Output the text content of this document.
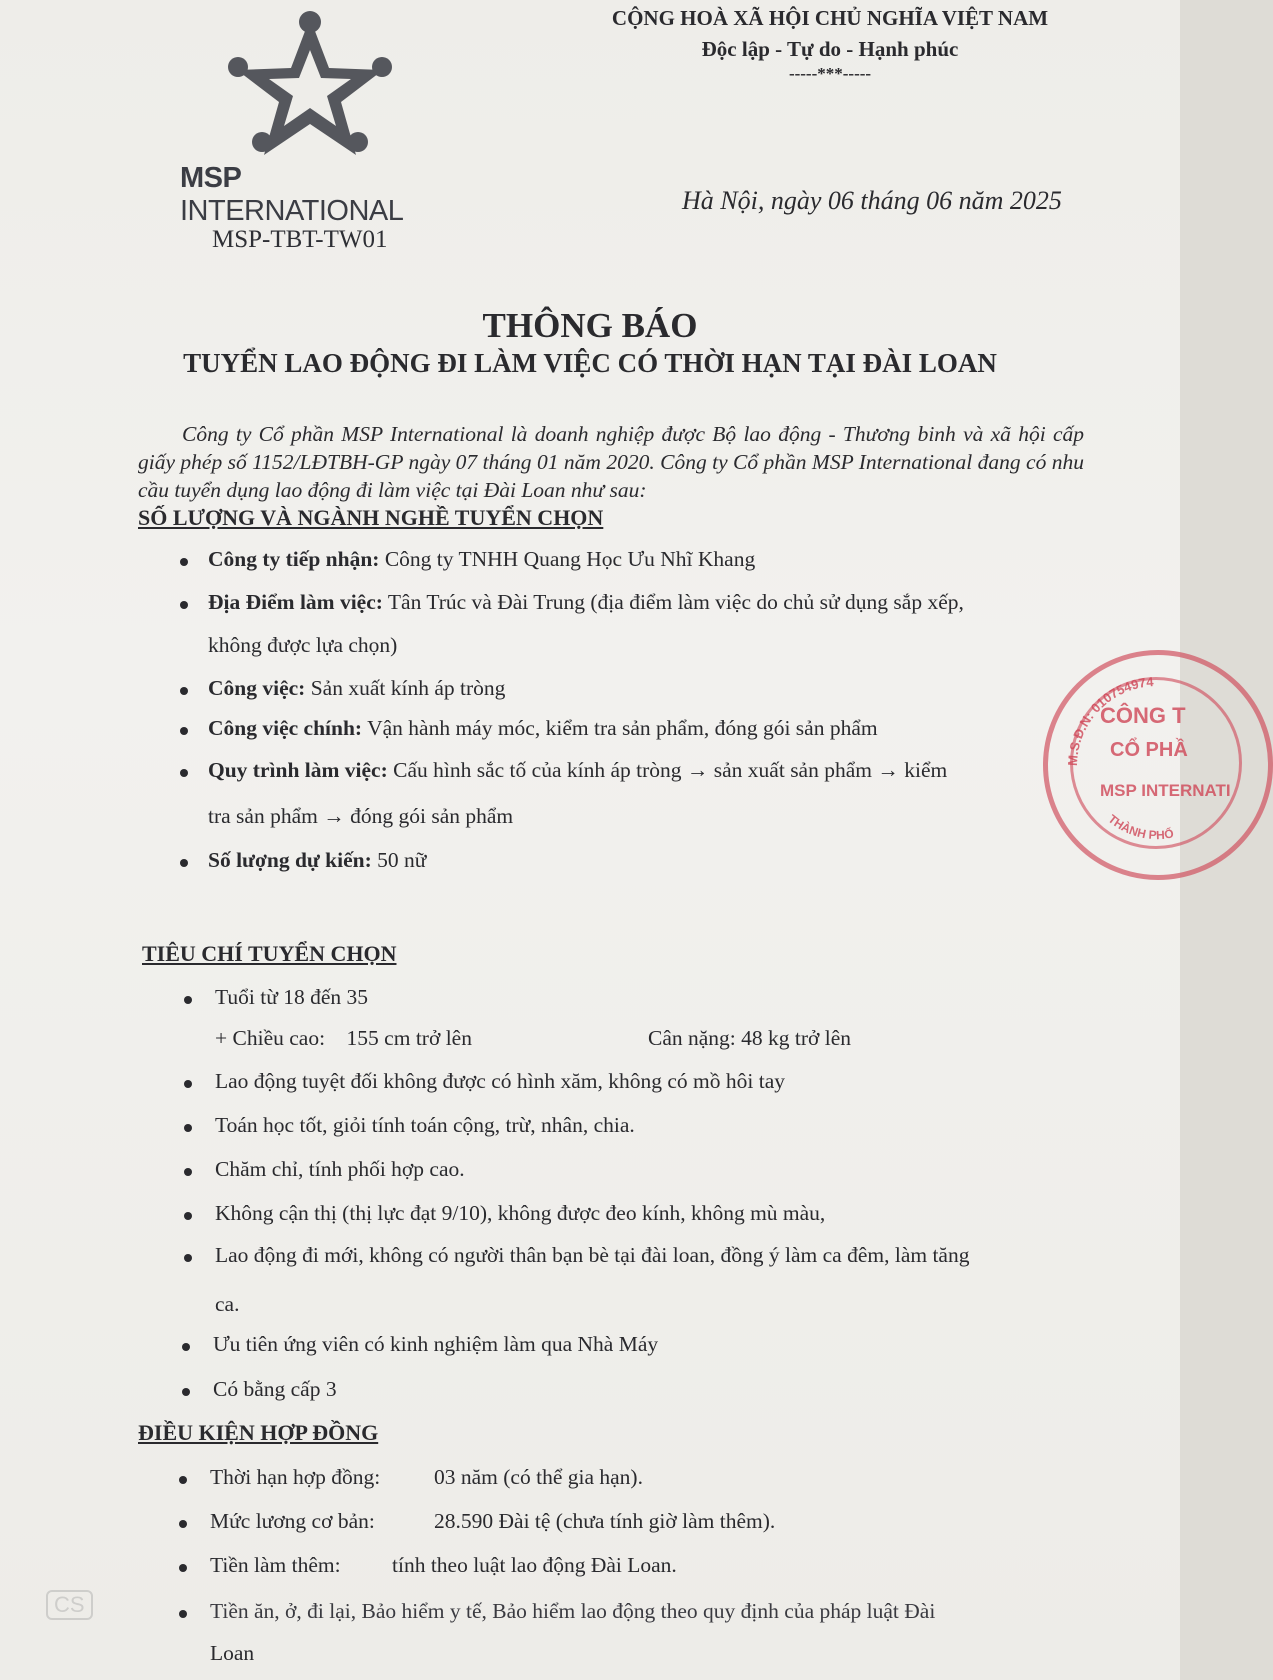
MSP INTERNATIONAL
MSP-TBT-TW01
CỘNG HOÀ XÃ HỘI CHỦ NGHĨA VIỆT NAM
Độc lập - Tự do - Hạnh phúc
-----***-----
Hà Nội, ngày 06 tháng 06 năm 2025
THÔNG BÁO
TUYỂN LAO ĐỘNG ĐI LÀM VIỆC CÓ THỜI HẠN TẠI ĐÀI LOAN
Công ty Cổ phần MSP International là doanh nghiệp được Bộ lao động - Thương binh và xã hội cấp giấy phép số 1152/LĐTBH-GP ngày 07 tháng 01 năm 2020. Công ty Cổ phần MSP International đang có nhu cầu tuyển dụng lao động đi làm việc tại Đài Loan như sau:
SỐ LƯỢNG VÀ NGÀNH NGHỀ TUYỂN CHỌN
Công ty tiếp nhận: Công ty TNHH Quang Học Ưu Nhĩ Khang
Địa Điểm làm việc: Tân Trúc và Đài Trung (địa điểm làm việc do chủ sử dụng sắp xếp,
không được lựa chọn)
Công việc: Sản xuất kính áp tròng
Công việc chính: Vận hành máy móc, kiểm tra sản phẩm, đóng gói sản phẩm
Quy trình làm việc: Cấu hình sắc tố của kính áp tròng → sản xuất sản phẩm → kiểm
tra sản phẩm → đóng gói sản phẩm
Số lượng dự kiến: 50 nữ
M.S.Đ.N: 010754974
THÀNH PHỐ
CÔNG T
CỔ PHẦ
MSP INTERNATI
TIÊU CHÍ TUYỂN CHỌN
Tuổi từ 18 đến 35
+ Chiều cao: 155 cm trở lên	Cân nặng: 48 kg trở lên
Lao động tuyệt đối không được có hình xăm, không có mồ hôi tay
Toán học tốt, giỏi tính toán cộng, trừ, nhân, chia.
Chăm chỉ, tính phối hợp cao.
Không cận thị (thị lực đạt 9/10), không được đeo kính, không mù màu,
Lao động đi mới, không có người thân bạn bè tại đài loan, đồng ý làm ca đêm, làm tăng
ca.
Ưu tiên ứng viên có kinh nghiệm làm qua Nhà Máy
Có bằng cấp 3
ĐIỀU KIỆN HỢP ĐỒNG
Thời hạn hợp đồng:	03 năm (có thể gia hạn).
Mức lương cơ bản:	28.590 Đài tệ (chưa tính giờ làm thêm).
Tiền làm thêm: tính theo luật lao động Đài Loan.
Tiền ăn, ở, đi lại, Bảo hiểm y tế, Bảo hiểm lao động theo quy định của pháp luật Đài
Loan
CS
